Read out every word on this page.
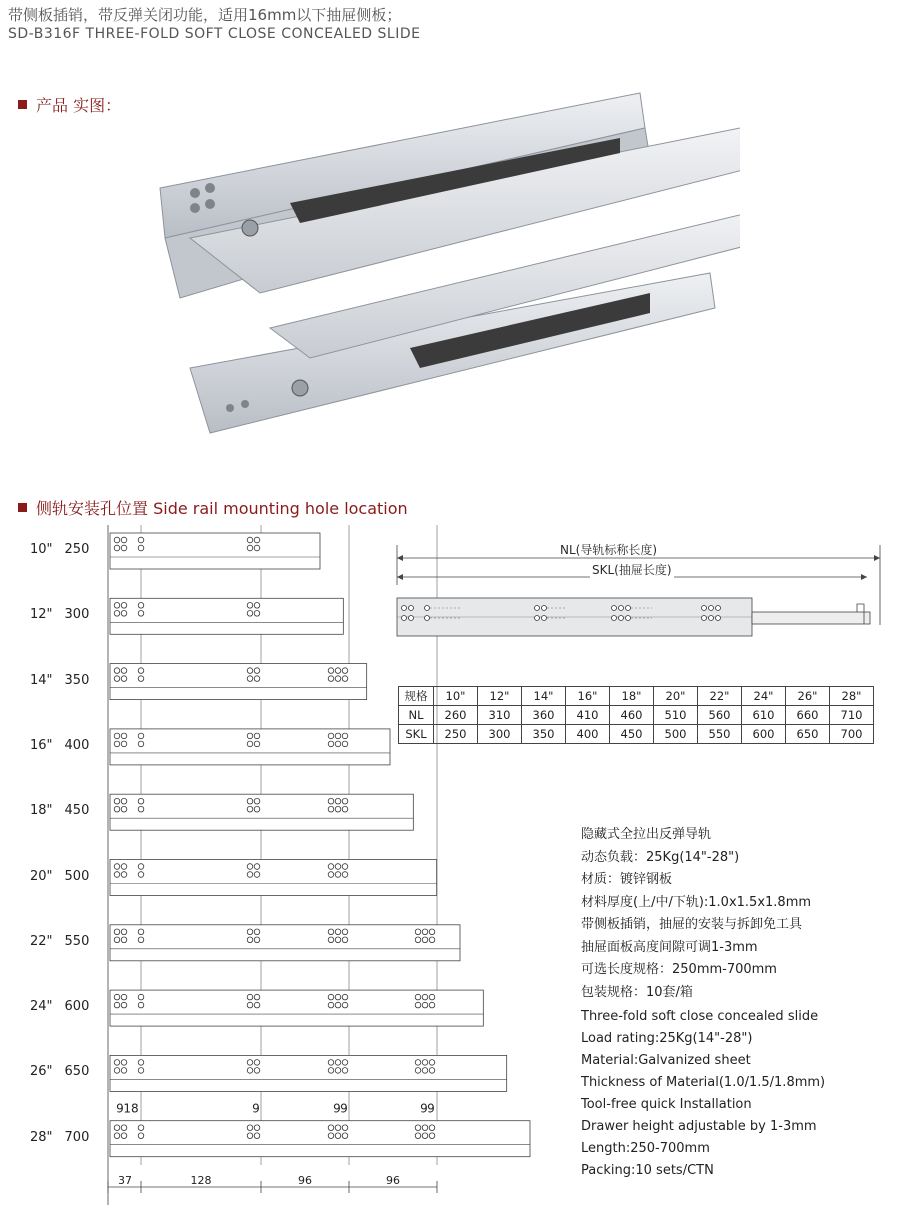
带侧板插销，带反弹关闭功能，适用16mm以下抽屉侧板；
SD-B316F THREE-FOLD SOFT CLOSE CONCEALED SLIDE
产品 实图：
侧轨安装孔位置 Side rail mounting hole location
10" 250
12" 300
14" 350
16" 400
18" 450
20" 500
22" 550
24" 600
26" 650
28" 700
9 18	9	9 9	9 9
37	128	96	96
NL(导轨标称长度)
SKL(抽屉长度)
规格	10"	12"	14"	16"	18"	20"	22"	24"	26"	28"
NL	260	310	360	410	460	510	560	610	660	710
SKL	250	300	350	400	450	500	550	600	650	700
隐藏式全拉出反弹导轨
动态负载：25Kg(14"-28")
材质：镀锌钢板
材料厚度(上/中/下轨):1.0x1.5x1.8mm
带侧板插销，抽屉的安装与拆卸免工具
抽屉面板高度间隙可调1-3mm
可选长度规格：250mm-700mm
包装规格：10套/箱
Three-fold soft close concealed slide
Load rating:25Kg(14"-28")
Material:Galvanized sheet
Thickness of Material(1.0/1.5/1.8mm)
Tool-free quick Installation
Drawer height adjustable by 1-3mm
Length:250-700mm
Packing:10 sets/CTN
